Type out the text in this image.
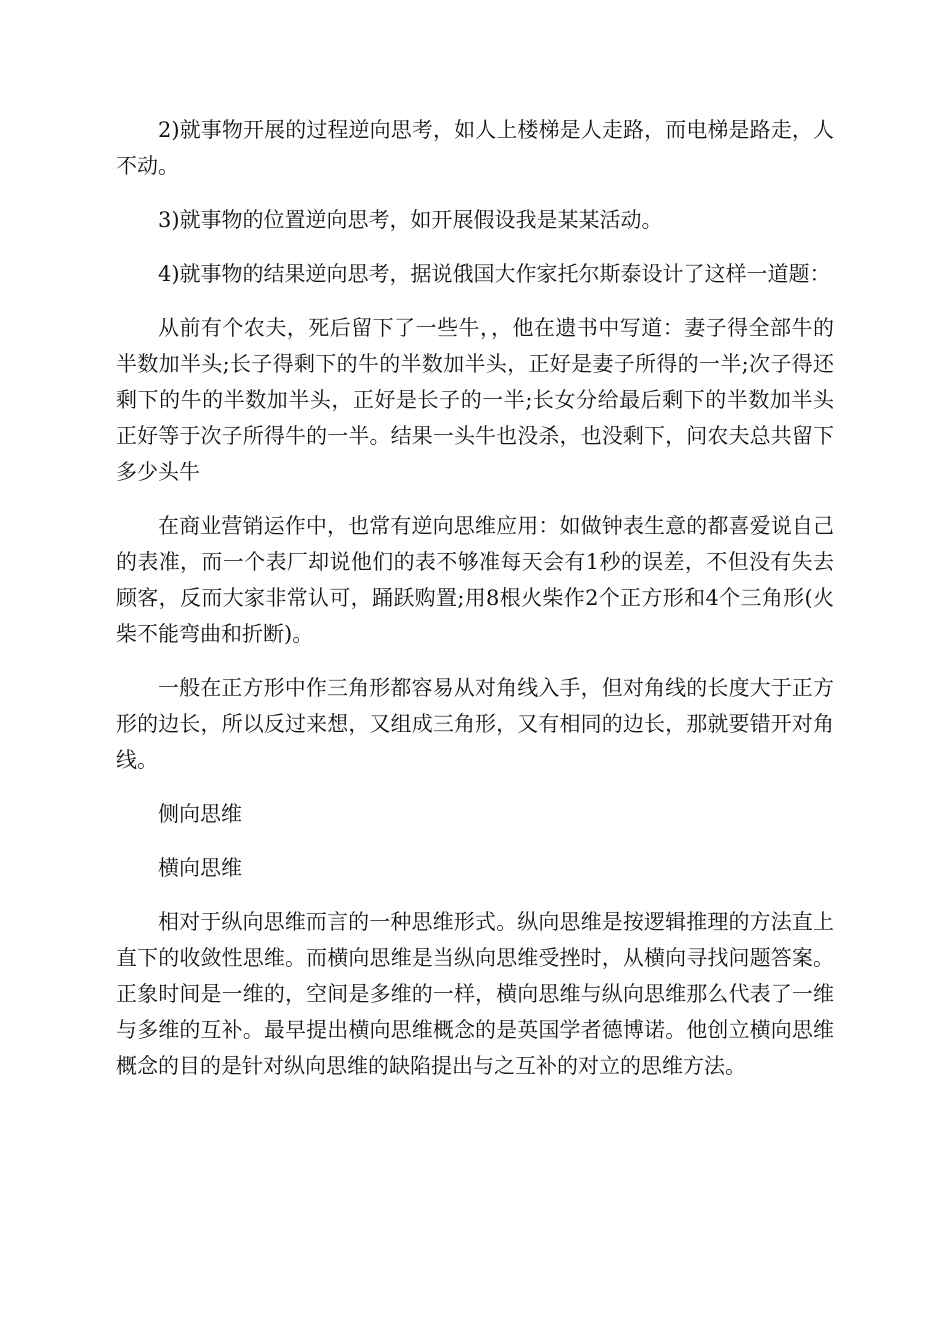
2)就事物开展的过程逆向思考，如人上楼梯是人走路，而电梯是路走，人不动。

3)就事物的位置逆向思考，如开展假设我是某某活动。

4)就事物的结果逆向思考，据说俄国大作家托尔斯泰设计了这样一道题：

从前有个农夫，死后留下了一些牛，，他在遗书中写道：妻子得全部牛的半数加半头;长子得剩下的牛的半数加半头，正好是妻子所得的一半;次子得还剩下的牛的半数加半头，正好是长子的一半;长女分给最后剩下的半数加半头正好等于次子所得牛的一半。结果一头牛也没杀，也没剩下，问农夫总共留下多少头牛

在商业营销运作中，也常有逆向思维应用：如做钟表生意的都喜爱说自己的表准，而一个表厂却说他们的表不够准每天会有1秒的误差，不但没有失去顾客，反而大家非常认可，踊跃购置;用8根火柴作2个正方形和4个三角形(火柴不能弯曲和折断)。

一般在正方形中作三角形都容易从对角线入手，但对角线的长度大于正方形的边长，所以反过来想，又组成三角形，又有相同的边长，那就要错开对角线。

侧向思维

横向思维

相对于纵向思维而言的一种思维形式。纵向思维是按逻辑推理的方法直上直下的收敛性思维。而横向思维是当纵向思维受挫时，从横向寻找问题答案。正象时间是一维的，空间是多维的一样，横向思维与纵向思维那么代表了一维与多维的互补。最早提出横向思维概念的是英国学者德博诺。他创立横向思维概念的目的是针对纵向思维的缺陷提出与之互补的对立的思维方法。
